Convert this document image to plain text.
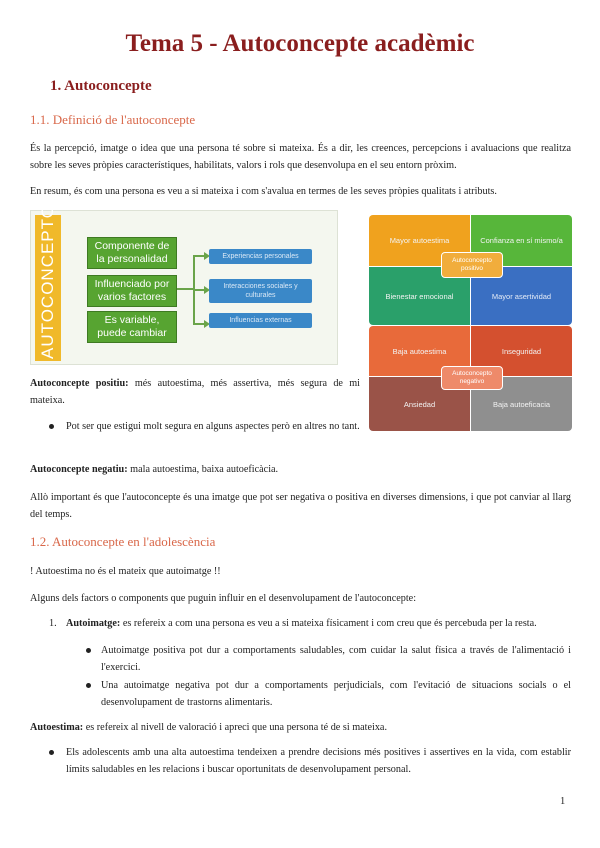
Tema 5 - Autoconcepte acadèmic
1. Autoconcepte
1.1. Definició de l'autoconcepte

És la percepció, imatge o idea que una persona té sobre si mateixa. És a dir, les creences, percepcions i avaluacions que realitza sobre les seves pròpies característiques, habilitats, valors i rols que desenvolupa en el seu entorn pròxim.

En resum, és com una persona es veu a si mateixa i com s'avalua en termes de les seves pròpies qualitats i atributs.

AUTOCONCEPTO	Componente de la personalidad
Influenciado por varios factores
Es variable, puede cambiar
Experiencias personales
Interacciones sociales y culturales
Influencias externas
Mayor autoestima	Confianza en sí mismo/a
Bienestar emocional	Mayor asertividad
Autoconcepto positivo
Baja autoestima	Inseguridad
Ansiedad	Baja autoeficacia
Autoconcepto negativo

Autoconcepte positiu: més autoestima, més assertiva, més segura de mi mateixa.

Pot ser que estigui molt segura en alguns aspectes però en altres no tant.

Autoconcepte negatiu: mala autoestima, baixa autoeficàcia.

Allò important és que l'autoconcepte és una imatge que pot ser negativa o positiva en diverses dimensions, i que pot canviar al llarg del temps.

1.2. Autoconcepte en l'adolescència

! Autoestima no és el mateix que autoimatge !!

Alguns dels factors o components que puguin influir en el desenvolupament de l'autoconcepte:

1. Autoimatge: es refereix a com una persona es veu a si mateixa físicament i com creu que és percebuda per la resta.

Autoimatge positiva pot dur a comportaments saludables, com cuidar la salut física a través de l'alimentació i l'exercici.

Una autoimatge negativa pot dur a comportaments perjudicials, com l'evitació de situacions socials o el desenvolupament de trastorns alimentaris.

Autoestima: es refereix al nivell de valoració i apreci que una persona té de si mateixa.

Els adolescents amb una alta autoestima tendeixen a prendre decisions més positives i assertives en la vida, com establir límits saludables en les relacions i buscar oportunitats de desenvolupament personal.

1
